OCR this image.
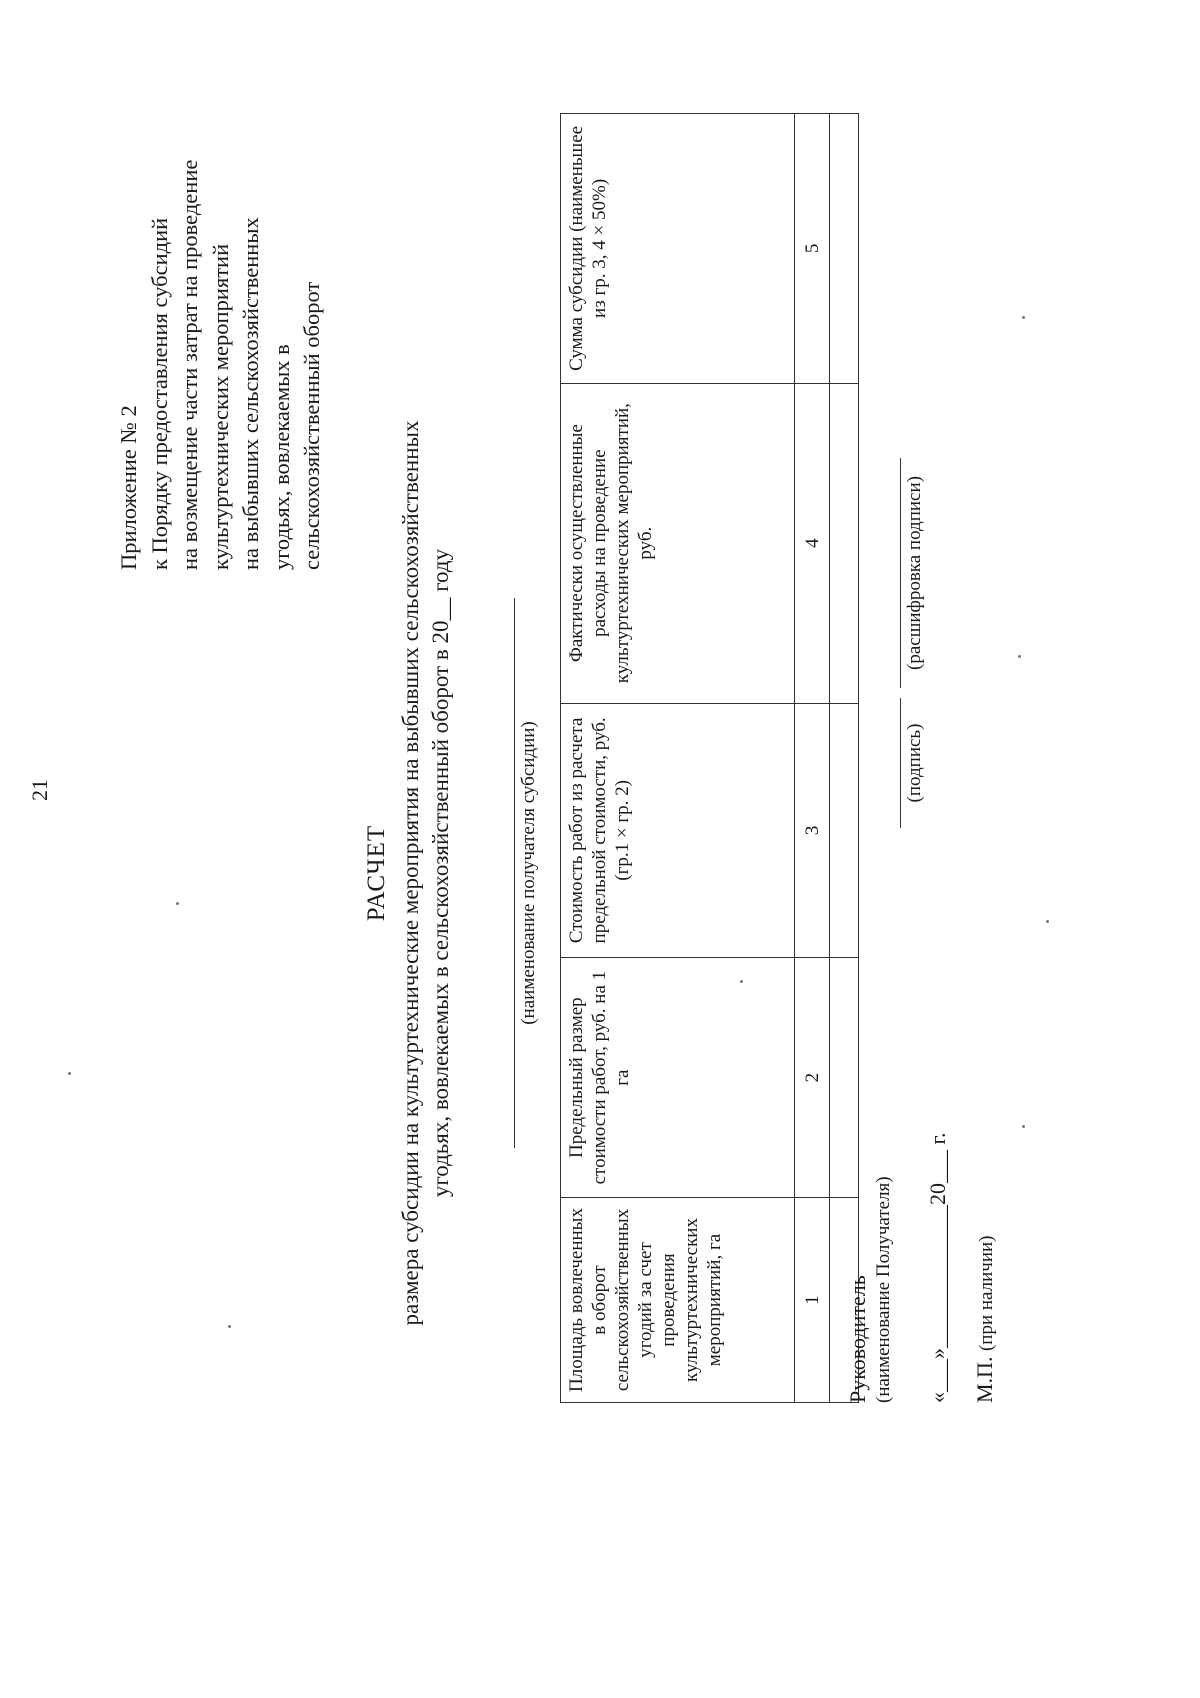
21
Приложение № 2 к Порядку предоставления субсидий на возмещение части затрат на проведение культуртехнических мероприятий на выбывших сельскохозяйственных угодьях, вовлекаемых в сельскохозяйственный оборот
РАСЧЕТ размера субсидии на культуртехнические мероприятия на выбывших сельскохозяйственных угодьях, вовлекаемых в сельскохозяйственный оборот в 20__ году	(наименование получателя субсидии)
Площадь вовлеченных в оборот сельскохозяйственных угодий за счет проведения культуртехнических мероприятий, га	Предельный размер стоимости работ, руб. на 1 га	Стоимость работ из расчета предельной стоимости, руб. (гр.1 × гр. 2)	Фактически осуществленные расходы на проведение культуртехнических мероприятий, руб.	Сумма субсидии (наименьшее из гр. 3, 4 × 50%)
1	2	3	4	5

Руководитель (наименование Получателя)
(подпись)
(расшифровка подписи)
«___»_____________20___ г. М.П. (при наличии)
